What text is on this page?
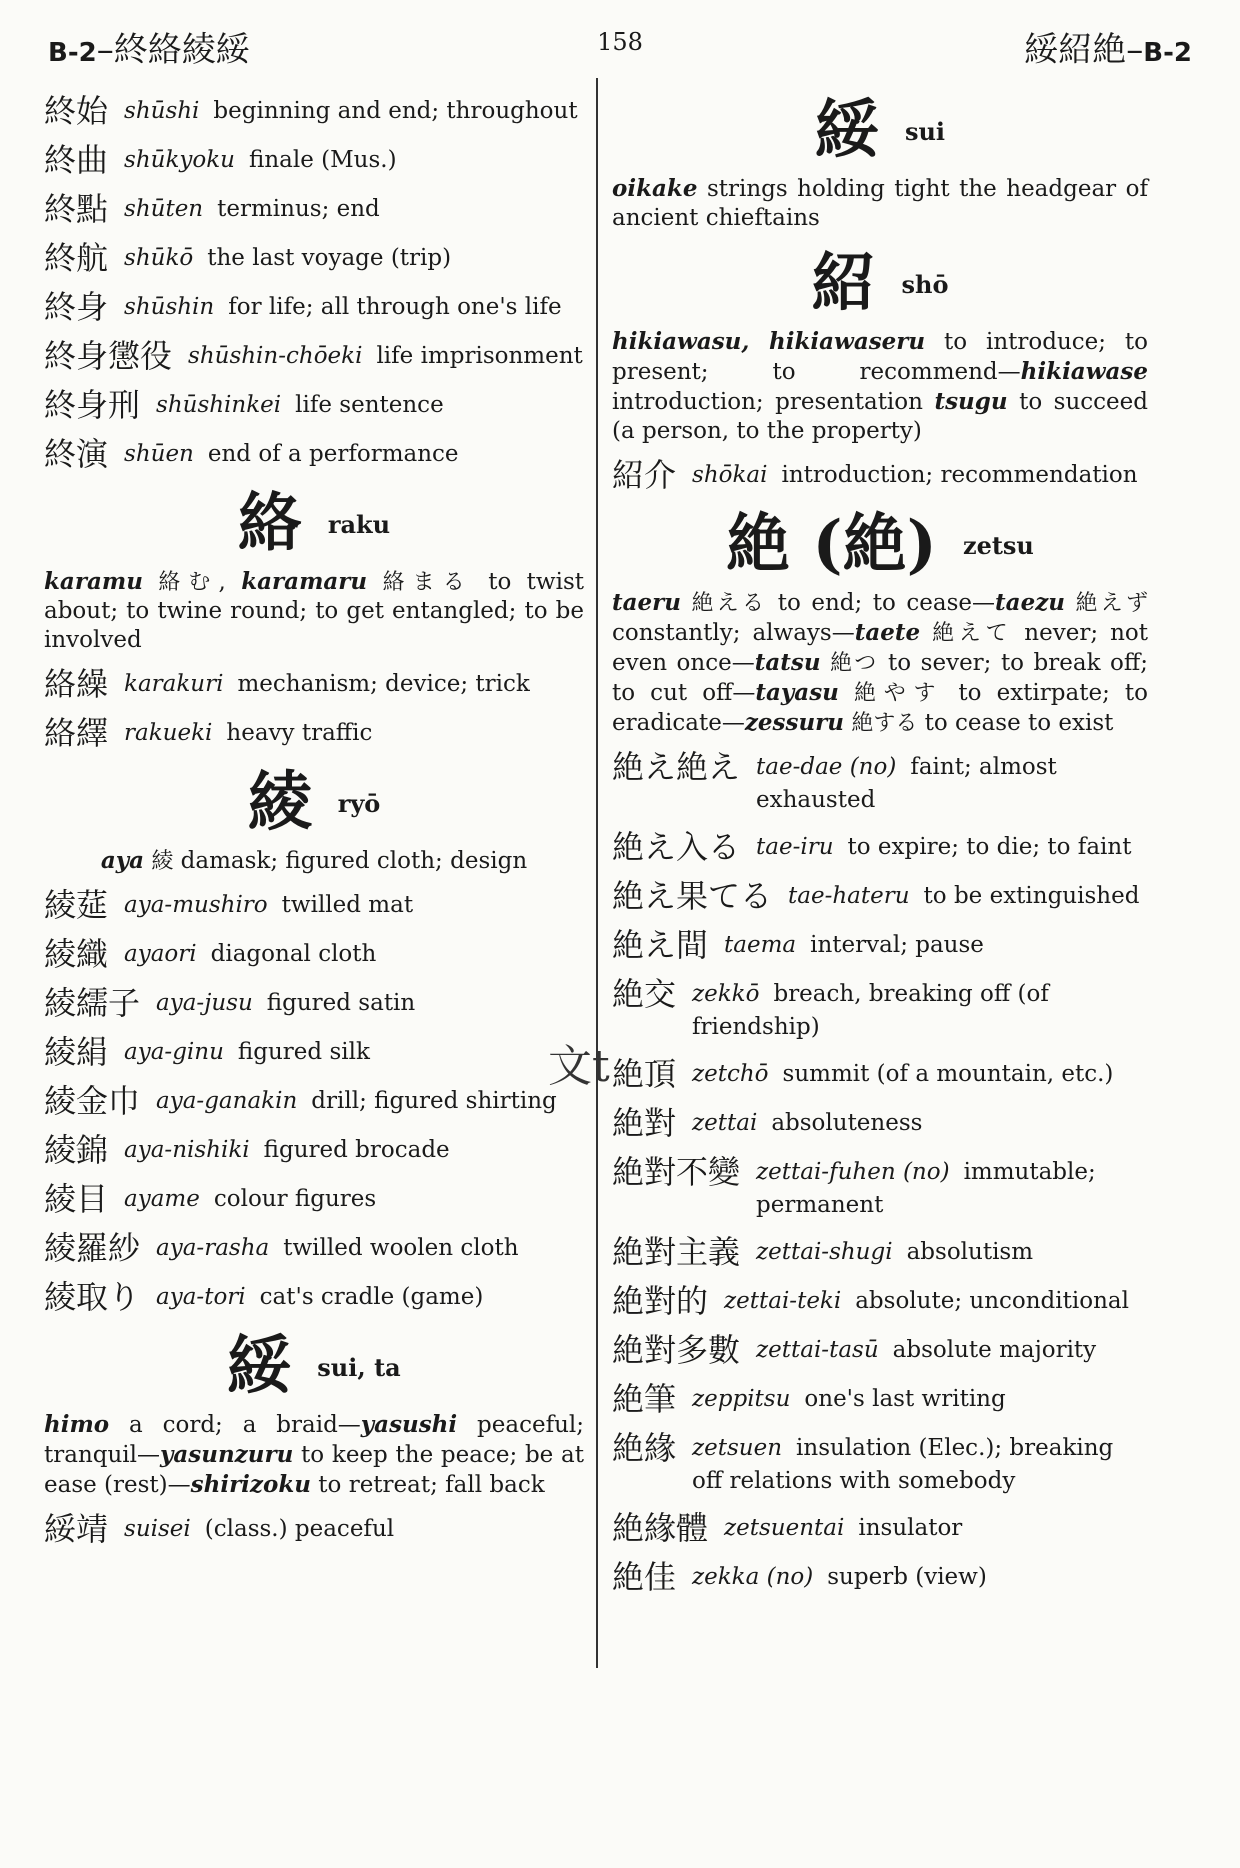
B-2–終絡綾綏	158	綏紹絶–B-2
終始 shūshi beginning and end; throughout
終曲 shūkyoku finale (Mus.)
終點 shūten terminus; end
終航 shūkō the last voyage (trip)
終身 shūshin for life; all through one's life
終身懲役 shūshin-chōeki life imprisonment
終身刑 shūshinkei life sentence
終演 shūen end of a performance
絡 raku

karamu 絡む, karamaru 絡まる to twist about; to twine round; to get entangled; to be involved

絡繰 karakuri mechanism; device; trick
絡繹 rakueki heavy traffic
綾 ryō

aya 綾 damask; figured cloth; design

綾莚 aya-mushiro twilled mat
綾織 ayaori diagonal cloth
綾繻子 aya-jusu figured satin
綾絹 aya-ginu figured silk
綾金巾 aya-ganakin drill; figured shirting
綾錦 aya-nishiki figured brocade
綾目 ayame colour figures
綾羅紗 aya-rasha twilled woolen cloth
綾取り aya-tori cat's cradle (game)
綏 sui, ta

himo a cord; a braid—yasushi peaceful; tranquil—yasunzuru to keep the peace; be at ease (rest)—shirizoku to retreat; fall back

綏靖 suisei (class.) peaceful
文t
綏 sui

oikake strings holding tight the headgear of ancient chieftains

紹 shō

hikiawasu, hikiawaseru to introduce; to present; to recommend—hikiawase introduction; presentation tsugu to succeed (a person, to the property)

紹介 shōkai introduction; recommendation
絶 (絶) zetsu

taeru 絶える to end; to cease—taezu 絶えず constantly; always—taete 絶えて never; not even once—tatsu 絶つ to sever; to break off; to cut off—tayasu 絶やす to extirpate; to eradicate—zessuru 絶する to cease to exist

絶え絶え tae-dae (no) faint; almost exhausted
絶え入る tae-iru to expire; to die; to faint
絶え果てる tae-hateru to be extinguished
絶え間 taema interval; pause
絶交 zekkō breach, breaking off (of friendship)
絶頂 zetchō summit (of a mountain, etc.)
絶對 zettai absoluteness
絶對不變 zettai-fuhen (no) immutable; permanent
絶對主義 zettai-shugi absolutism
絶對的 zettai-teki absolute; unconditional
絶對多數 zettai-tasū absolute majority
絶筆 zeppitsu one's last writing
絶緣 zetsuen insulation (Elec.); breaking off relations with somebody
絶緣體 zetsuentai insulator
絶佳 zekka (no) superb (view)
